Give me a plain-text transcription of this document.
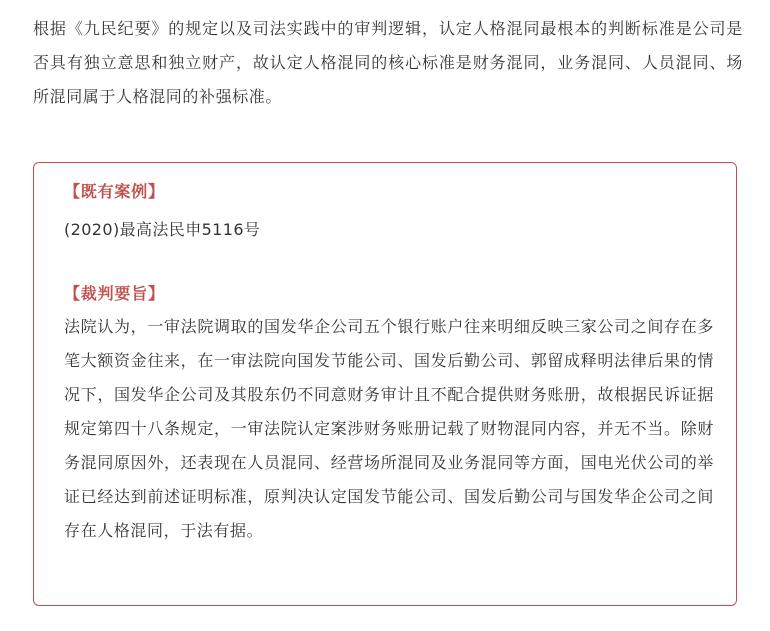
根据《九民纪要》的规定以及司法实践中的审判逻辑，认定人格混同最根本的判断标准是公司是否具有独立意思和独立财产，故认定人格混同的核心标准是财务混同，业务混同、人员混同、场所混同属于人格混同的补强标准。

【既有案例】
(2020)最高法民申5116号
【裁判要旨】

法院认为，一审法院调取的国发华企公司五个银行账户往来明细反映三家公司之间存在多笔大额资金往来，在一审法院向国发节能公司、国发后勤公司、郭留成释明法律后果的情况下，国发华企公司及其股东仍不同意财务审计且不配合提供财务账册，故根据民诉证据规定第四十八条规定，一审法院认定案涉财务账册记载了财物混同内容，并无不当。除财务混同原因外，还表现在人员混同、经营场所混同及业务混同等方面，国电光伏公司的举证已经达到前述证明标准，原判决认定国发节能公司、国发后勤公司与国发华企公司之间存在人格混同，于法有据。
